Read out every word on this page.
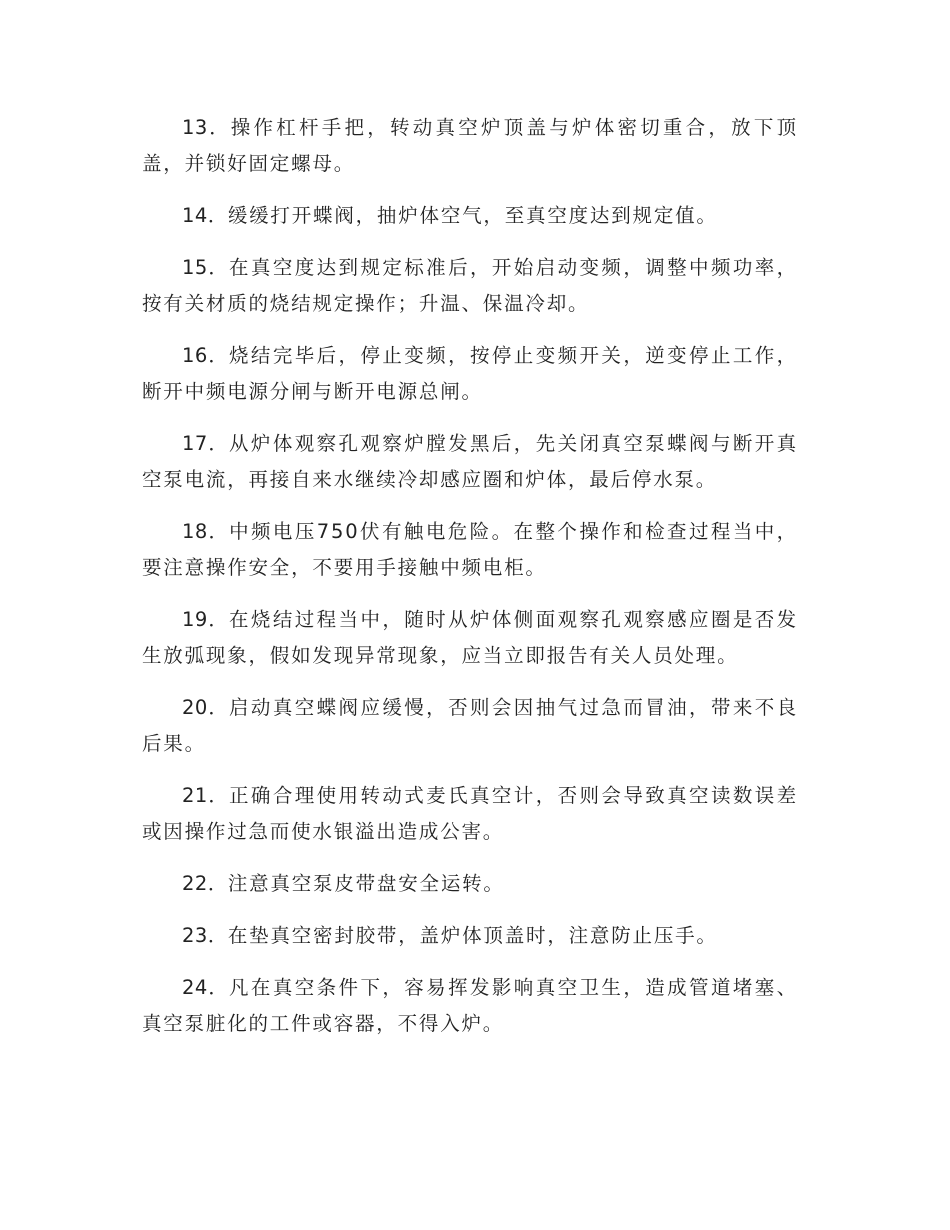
13．操作杠杆手把，转动真空炉顶盖与炉体密切重合，放下顶盖，并锁好固定螺母。

14．缓缓打开蝶阀，抽炉体空气，至真空度达到规定值。

15．在真空度达到规定标准后，开始启动变频，调整中频功率，按有关材质的烧结规定操作；升温、保温冷却。

16．烧结完毕后，停止变频，按停止变频开关，逆变停止工作，断开中频电源分闸与断开电源总闸。

17．从炉体观察孔观察炉膛发黑后，先关闭真空泵蝶阀与断开真空泵电流，再接自来水继续冷却感应圈和炉体，最后停水泵。

18．中频电压750伏有触电危险。在整个操作和检查过程当中，要注意操作安全，不要用手接触中频电柜。

19．在烧结过程当中，随时从炉体侧面观察孔观察感应圈是否发生放弧现象，假如发现异常现象，应当立即报告有关人员处理。

20．启动真空蝶阀应缓慢，否则会因抽气过急而冒油，带来不良后果。

21．正确合理使用转动式麦氏真空计，否则会导致真空读数误差或因操作过急而使水银溢出造成公害。

22．注意真空泵皮带盘安全运转。

23．在垫真空密封胶带，盖炉体顶盖时，注意防止压手。

24．凡在真空条件下，容易挥发影响真空卫生，造成管道堵塞、真空泵脏化的工件或容器，不得入炉。
